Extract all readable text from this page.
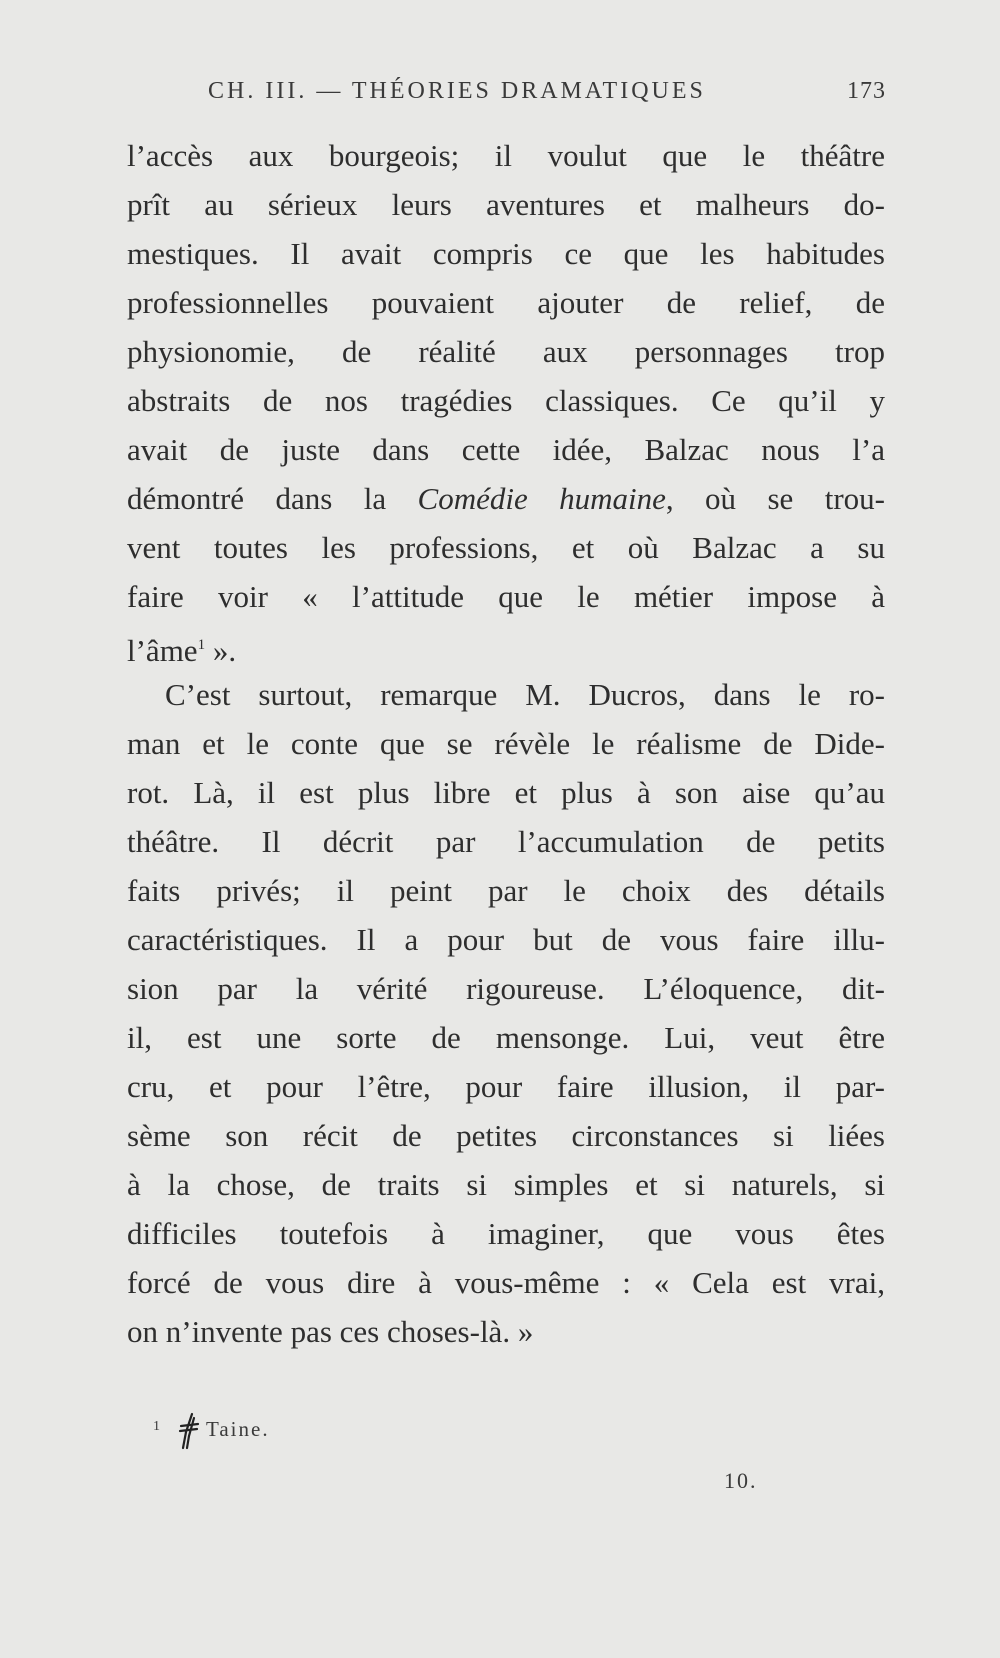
CH. III. — THÉORIES DRAMATIQUES	173
l’accès aux bourgeois; il voulut que le théâtre
prît au sérieux leurs aventures et malheurs do-
mestiques. Il avait compris ce que les habitudes
professionnelles pouvaient ajouter de relief, de
physionomie, de réalité aux personnages trop
abstraits de nos tragédies classiques. Ce qu’il y
avait de juste dans cette idée, Balzac nous l’a
démontré dans la Comédie humaine, où se trou-
vent toutes les professions, et où Balzac a su
faire voir « l’attitude que le métier impose à
l’âme$^1$ ».
C’est surtout, remarque M. Ducros, dans le ro-
man et le conte que se révèle le réalisme de Dide-
rot. Là, il est plus libre et plus à son aise qu’au
théâtre. Il décrit par l’accumulation de petits
faits privés; il peint par le choix des détails
caractéristiques. Il a pour but de vous faire illu-
sion par la vérité rigoureuse. L’éloquence, dit-
il, est une sorte de mensonge. Lui, veut être
cru, et pour l’être, pour faire illusion, il par-
sème son récit de petites circonstances si liées
à la chose, de traits si simples et si naturels, si
difficiles toutefois à imaginer, que vous êtes
forcé de vous dire à vous-même : « Cela est vrai,
on n’invente pas ces choses-là. »
$^1$ Taine.
10.
